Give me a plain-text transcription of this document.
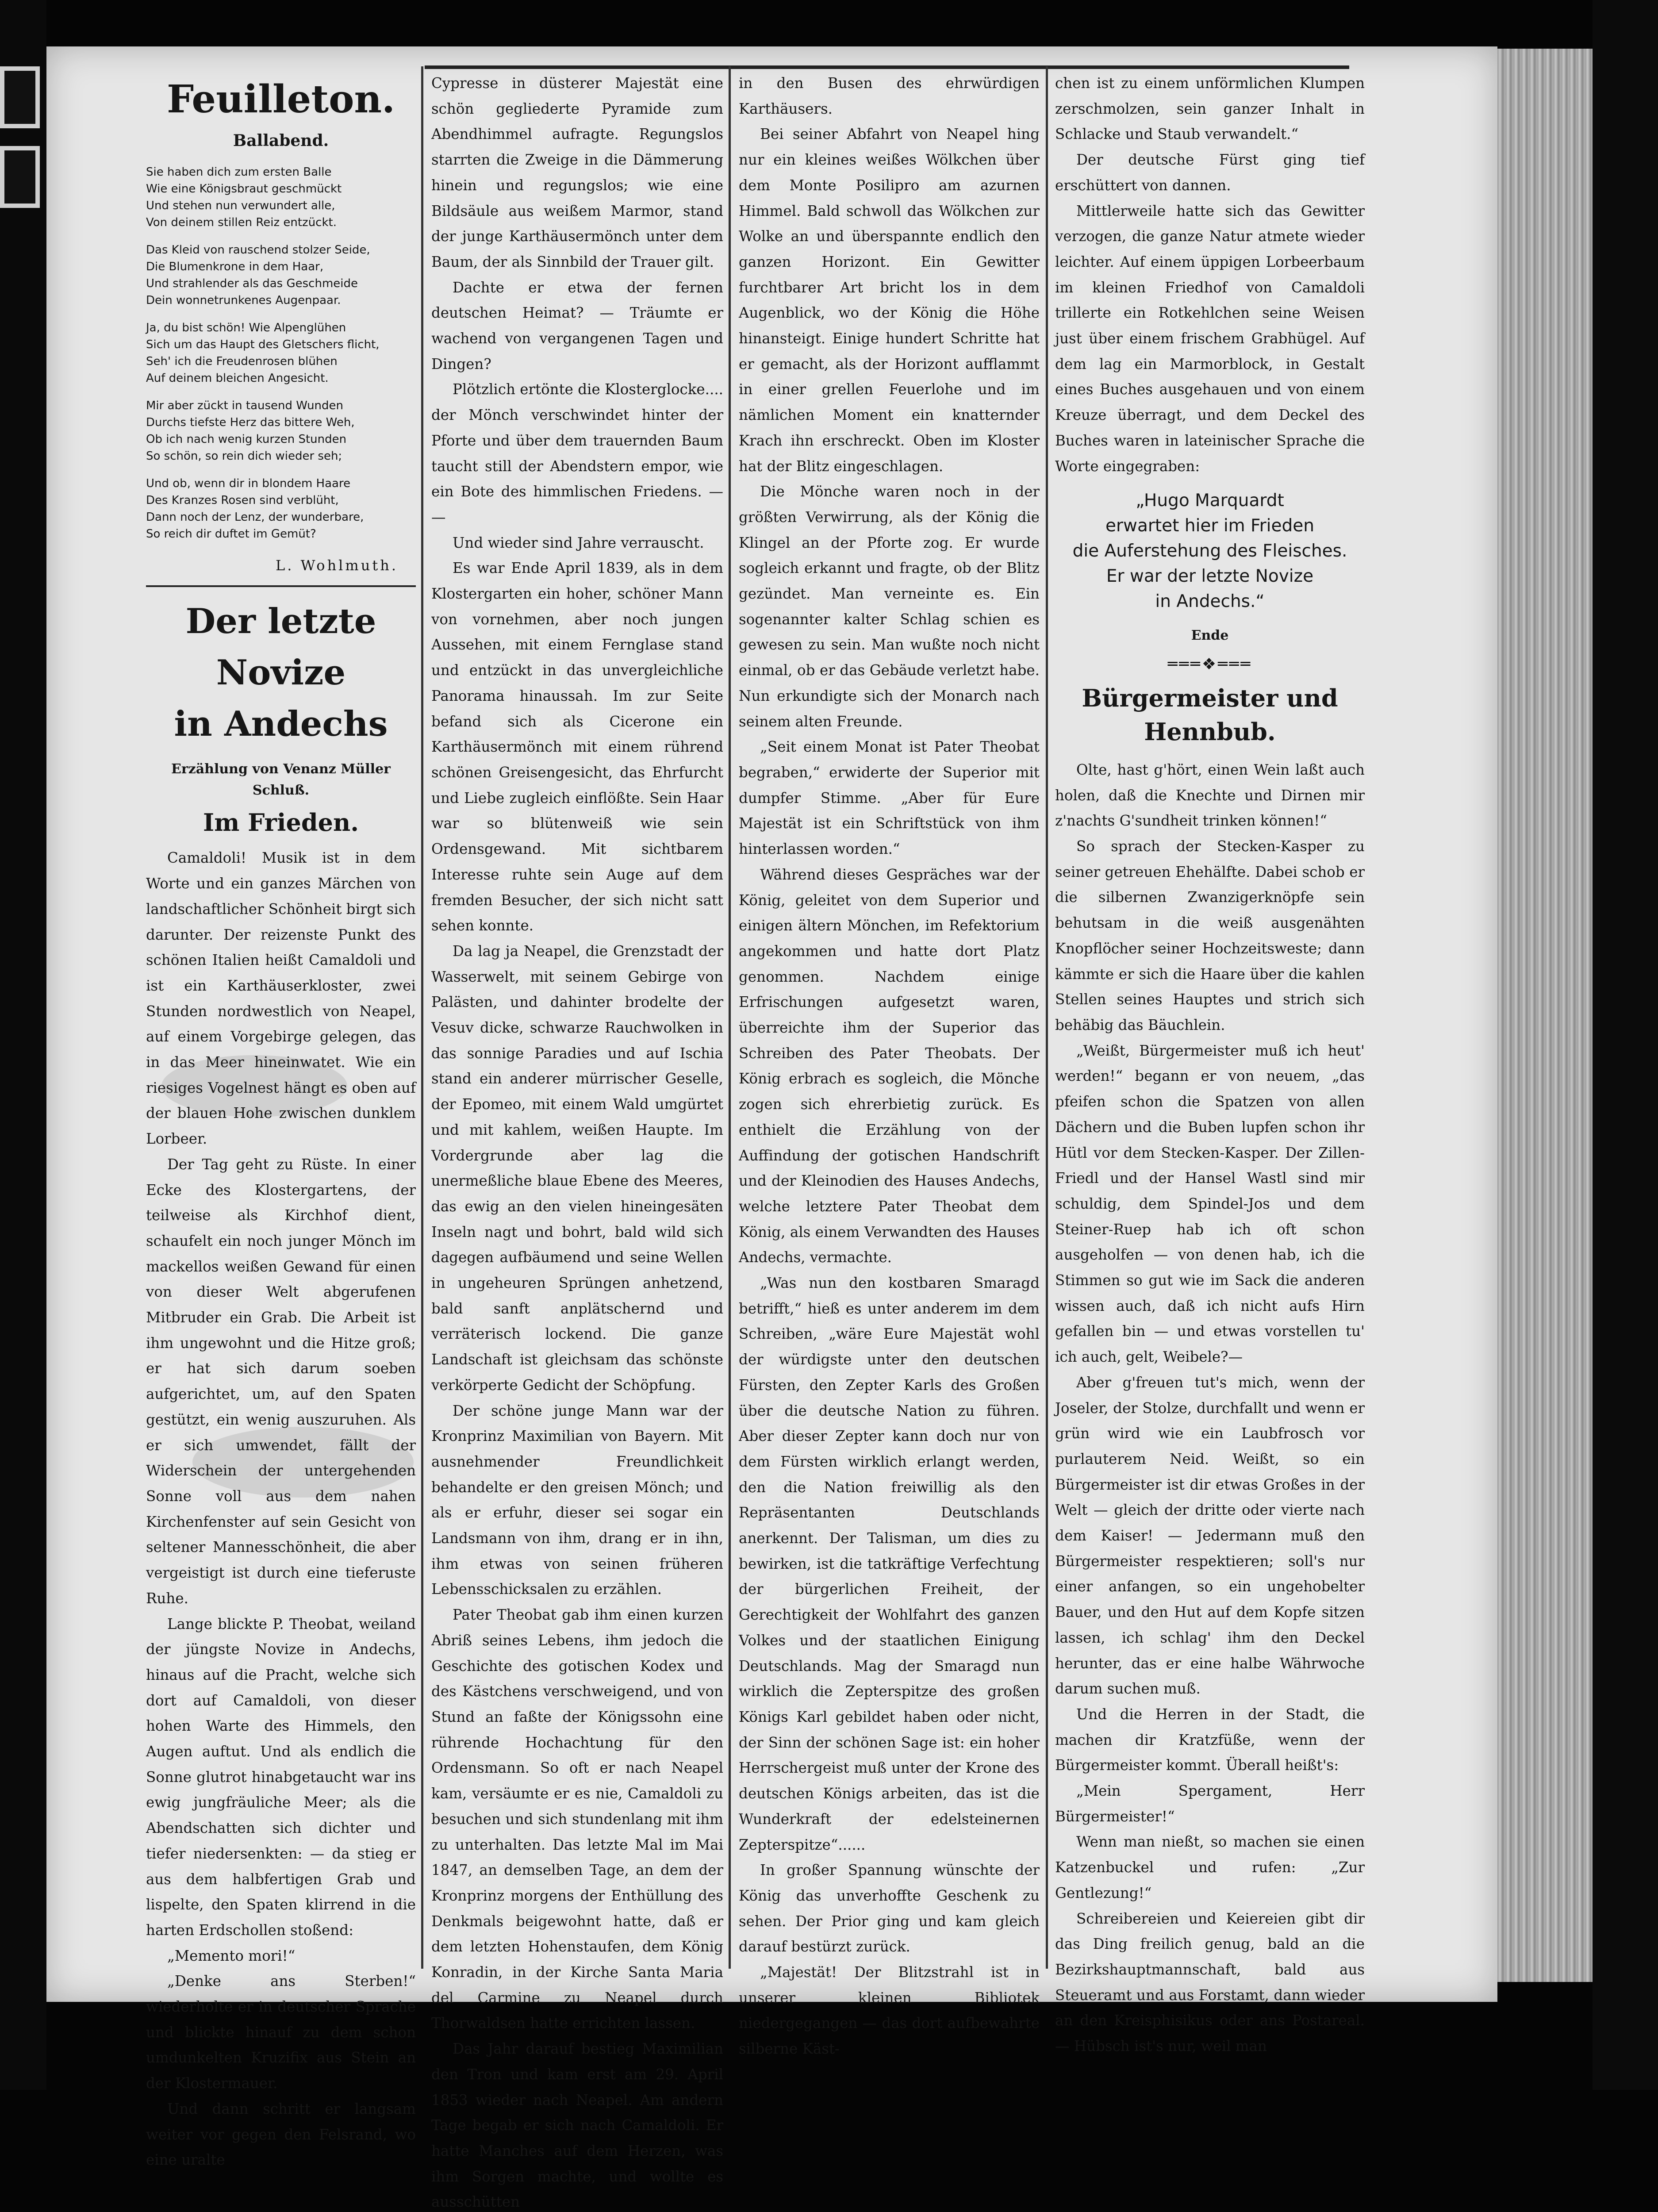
Feuilleton.
Ballabend.
Sie haben dich zum ersten Balle
Wie eine Königsbraut geschmückt
Und stehen nun verwundert alle,
Von deinem stillen Reiz entzückt.
Das Kleid von rauschend stolzer Seide,
Die Blumenkrone in dem Haar,
Und strahlender als das Geschmeide
Dein wonnetrunkenes Augenpaar.
Ja, du bist schön! Wie Alpenglühen
Sich um das Haupt des Gletschers flicht,
Seh' ich die Freudenrosen blühen
Auf deinem bleichen Angesicht.
Mir aber zückt in tausend Wunden
Durchs tiefste Herz das bittere Weh,
Ob ich nach wenig kurzen Stunden
So schön, so rein dich wieder seh;
Und ob, wenn dir in blondem Haare
Des Kranzes Rosen sind verblüht,
Dann noch der Lenz, der wunderbare,
So reich dir duftet im Gemüt?
L. Wohlmuth.
Der letzte Novize
in Andechs
Erzählung von Venanz Müller
Schluß.
Im Frieden.

Camaldoli! Musik ist in dem Worte und ein ganzes Märchen von landschaftlicher Schönheit birgt sich darunter. Der reizenste Punkt des schönen Italien heißt Camaldoli und ist ein Karthäuserkloster, zwei Stunden nordwestlich von Neapel, auf einem Vorgebirge gelegen, das in das Meer hineinwatet. Wie ein riesiges Vogelnest hängt es oben auf der blauen Hohe zwischen dunklem Lorbeer.

Der Tag geht zu Rüste. In einer Ecke des Klostergartens, der teilweise als Kirchhof dient, schaufelt ein noch junger Mönch im mackellos weißen Gewand für einen von dieser Welt abgerufenen Mitbruder ein Grab. Die Arbeit ist ihm ungewohnt und die Hitze groß; er hat sich darum soeben aufgerichtet, um, auf den Spaten gestützt, ein wenig auszuruhen. Als er sich umwendet, fällt der Widerschein der untergehenden Sonne voll aus dem nahen Kirchenfenster auf sein Gesicht von seltener Mannesschönheit, die aber vergeistigt ist durch eine tieferuste Ruhe.

Lange blickte P. Theobat, weiland der jüngste Novize in Andechs, hinaus auf die Pracht, welche sich dort auf Camaldoli, von dieser hohen Warte des Himmels, den Augen auftut. Und als endlich die Sonne glutrot hinabgetaucht war ins ewig jungfräuliche Meer; als die Abendschatten sich dichter und tiefer niedersenkten: — da stieg er aus dem halbfertigen Grab und lispelte, den Spaten klirrend in die harten Erdschollen stoßend:

„Memento mori!“

„Denke ans Sterben!“ wiederholte er in deutscher Sprache und blickte hinauf zu dem schon umdunkelten Kruzifix aus Stein an der Klostermauer.

Und dann schritt er langsam weiter vor gegen den Felsrand, wo eine uralte

Cypresse in düsterer Majestät eine schön gegliederte Pyramide zum Abendhimmel aufragte. Regungslos starrten die Zweige in die Dämmerung hinein und regungslos; wie eine Bildsäule aus weißem Marmor, stand der junge Karthäusermönch unter dem Baum, der als Sinnbild der Trauer gilt.

Dachte er etwa der fernen deutschen Heimat? — Träumte er wachend von vergangenen Tagen und Dingen?

Plötzlich ertönte die Klosterglocke.... der Mönch verschwindet hinter der Pforte und über dem trauernden Baum taucht still der Abendstern empor, wie ein Bote des himmlischen Friedens. — —

Und wieder sind Jahre verrauscht.

Es war Ende April 1839, als in dem Klostergarten ein hoher, schöner Mann von vornehmen, aber noch jungen Aussehen, mit einem Fernglase stand und entzückt in das unvergleichliche Panorama hinaussah. Im zur Seite befand sich als Cicerone ein Karthäusermönch mit einem rührend schönen Greisengesicht, das Ehrfurcht und Liebe zugleich einflößte. Sein Haar war so blütenweiß wie sein Ordensgewand. Mit sichtbarem Interesse ruhte sein Auge auf dem fremden Besucher, der sich nicht satt sehen konnte.

Da lag ja Neapel, die Grenzstadt der Wasserwelt, mit seinem Gebirge von Palästen, und dahinter brodelte der Vesuv dicke, schwarze Rauchwolken in das sonnige Paradies und auf Ischia stand ein anderer mürrischer Geselle, der Epomeo, mit einem Wald umgürtet und mit kahlem, weißen Haupte. Im Vordergrunde aber lag die unermeßliche blaue Ebene des Meeres, das ewig an den vielen hineingesäten Inseln nagt und bohrt, bald wild sich dagegen aufbäumend und seine Wellen in ungeheuren Sprüngen anhetzend, bald sanft anplätschernd und verräterisch lockend. Die ganze Landschaft ist gleichsam das schönste verkörperte Gedicht der Schöpfung.

Der schöne junge Mann war der Kronprinz Maximilian von Bayern. Mit ausnehmender Freundlichkeit behandelte er den greisen Mönch; und als er erfuhr, dieser sei sogar ein Landsmann von ihm, drang er in ihn, ihm etwas von seinen früheren Lebensschicksalen zu erzählen.

Pater Theobat gab ihm einen kurzen Abriß seines Lebens, ihm jedoch die Geschichte des gotischen Kodex und des Kästchens verschweigend, und von Stund an faßte der Königssohn eine rührende Hochachtung für den Ordensmann. So oft er nach Neapel kam, versäumte er es nie, Camaldoli zu besuchen und sich stundenlang mit ihm zu unterhalten. Das letzte Mal im Mai 1847, an demselben Tage, an dem der Kronprinz morgens der Enthüllung des Denkmals beigewohnt hatte, daß er dem letzten Hohenstaufen, dem König Konradin, in der Kirche Santa Maria del Carmine zu Neapel durch Thorwaldsen hatte errichten lassen.

Das Jahr darauf bestieg Maximilian den Tron und kam erst am 29. April 1853 wieder nach Neapel. Am andern Tage begab er sich nach Camaldoli. Er hatte Manches auf dem Herzen, was ihm Sorgen machte, und wollte es ausschütten

in den Busen des ehrwürdigen Karthäusers.

Bei seiner Abfahrt von Neapel hing nur ein kleines weißes Wölkchen über dem Monte Posilipro am azurnen Himmel. Bald schwoll das Wölkchen zur Wolke an und überspannte endlich den ganzen Horizont. Ein Gewitter furchtbarer Art bricht los in dem Augenblick, wo der König die Höhe hinansteigt. Einige hundert Schritte hat er gemacht, als der Horizont aufflammt in einer grellen Feuerlohe und im nämlichen Moment ein knatternder Krach ihn erschreckt. Oben im Kloster hat der Blitz eingeschlagen.

Die Mönche waren noch in der größten Verwirrung, als der König die Klingel an der Pforte zog. Er wurde sogleich erkannt und fragte, ob der Blitz gezündet. Man verneinte es. Ein sogenannter kalter Schlag schien es gewesen zu sein. Man wußte noch nicht einmal, ob er das Gebäude verletzt habe. Nun erkundigte sich der Monarch nach seinem alten Freunde.

„Seit einem Monat ist Pater Theobat begraben,“ erwiderte der Superior mit dumpfer Stimme. „Aber für Eure Majestät ist ein Schriftstück von ihm hinterlassen worden.“

Während dieses Gespräches war der König, geleitet von dem Superior und einigen ältern Mönchen, im Refektorium angekommen und hatte dort Platz genommen. Nachdem einige Erfrischungen aufgesetzt waren, überreichte ihm der Superior das Schreiben des Pater Theobats. Der König erbrach es sogleich, die Mönche zogen sich ehrerbietig zurück. Es enthielt die Erzählung von der Auffindung der gotischen Handschrift und der Kleinodien des Hauses Andechs, welche letztere Pater Theobat dem König, als einem Verwandten des Hauses Andechs, vermachte.

„Was nun den kostbaren Smaragd betrifft,“ hieß es unter anderem im dem Schreiben, „wäre Eure Majestät wohl der würdigste unter den deutschen Fürsten, den Zepter Karls des Großen über die deutsche Nation zu führen. Aber dieser Zepter kann doch nur von dem Fürsten wirklich erlangt werden, den die Nation freiwillig als den Repräsentanten Deutschlands anerkennt. Der Talisman, um dies zu bewirken, ist die tatkräftige Verfechtung der bürgerlichen Freiheit, der Gerechtigkeit der Wohlfahrt des ganzen Volkes und der staatlichen Einigung Deutschlands. Mag der Smaragd nun wirklich die Zepterspitze des großen Königs Karl gebildet haben oder nicht, der Sinn der schönen Sage ist: ein hoher Herrschergeist muß unter der Krone des deutschen Königs arbeiten, das ist die Wunderkraft der edelsteinernen Zepterspitze“......

In großer Spannung wünschte der König das unverhoffte Geschenk zu sehen. Der Prior ging und kam gleich darauf bestürzt zurück.

„Majestät! Der Blitzstrahl ist in unserer kleinen Bibliotek niedergegangen — das dort aufbewahrte silberne Käst-

chen ist zu einem unförmlichen Klumpen zerschmolzen, sein ganzer Inhalt in Schlacke und Staub verwandelt.“

Der deutsche Fürst ging tief erschüttert von dannen.

Mittlerweile hatte sich das Gewitter verzogen, die ganze Natur atmete wieder leichter. Auf einem üppigen Lorbeerbaum im kleinen Friedhof von Camaldoli trillerte ein Rotkehlchen seine Weisen just über einem frischem Grabhügel. Auf dem lag ein Marmorblock, in Gestalt eines Buches ausgehauen und von einem Kreuze überragt, und dem Deckel des Buches waren in lateinischer Sprache die Worte eingegraben:

„Hugo Marquardt
erwartet hier im Frieden
die Auferstehung des Fleisches.
Er war der letzte Novize
in Andechs.“
Ende
═══❖═══
Bürgermeister und
Hennbub.

Olte, hast g'hört, einen Wein laßt auch holen, daß die Knechte und Dirnen mir z'nachts G'sundheit trinken können!“

So sprach der Stecken-Kasper zu seiner getreuen Ehehälfte. Dabei schob er die silbernen Zwanzigerknöpfe sein behutsam in die weiß ausgenähten Knopflöcher seiner Hochzeitsweste; dann kämmte er sich die Haare über die kahlen Stellen seines Hauptes und strich sich behäbig das Bäuchlein.

„Weißt, Bürgermeister muß ich heut' werden!“ begann er von neuem, „das pfeifen schon die Spatzen von allen Dächern und die Buben lupfen schon ihr Hütl vor dem Stecken-Kasper. Der Zillen-Friedl und der Hansel Wastl sind mir schuldig, dem Spindel-Jos und dem Steiner-Ruep hab ich oft schon ausgeholfen — von denen hab, ich die Stimmen so gut wie im Sack die anderen wissen auch, daß ich nicht aufs Hirn gefallen bin — und etwas vorstellen tu' ich auch, gelt, Weibele?—

Aber g'freuen tut's mich, wenn der Joseler, der Stolze, durchfallt und wenn er grün wird wie ein Laubfrosch vor purlauterem Neid. Weißt, so ein Bürgermeister ist dir etwas Großes in der Welt — gleich der dritte oder vierte nach dem Kaiser! — Jedermann muß den Bürgermeister respektieren; soll's nur einer anfangen, so ein ungehobelter Bauer, und den Hut auf dem Kopfe sitzen lassen, ich schlag' ihm den Deckel herunter, das er eine halbe Währwoche darum suchen muß.

Und die Herren in der Stadt, die machen dir Kratzfüße, wenn der Bürgermeister kommt. Überall heißt's:

„Mein Spergament, Herr Bürgermeister!“

Wenn man nießt, so machen sie einen Katzenbuckel und rufen: „Zur Gentlezung!“

Schreibereien und Keiereien gibt dir das Ding freilich genug, bald an die Bezirkshauptmannschaft, bald aus Steueramt und aus Forstamt, dann wieder an den Kreisphisikus oder ans Postareal. — Hübsch ist's nur, weil man
